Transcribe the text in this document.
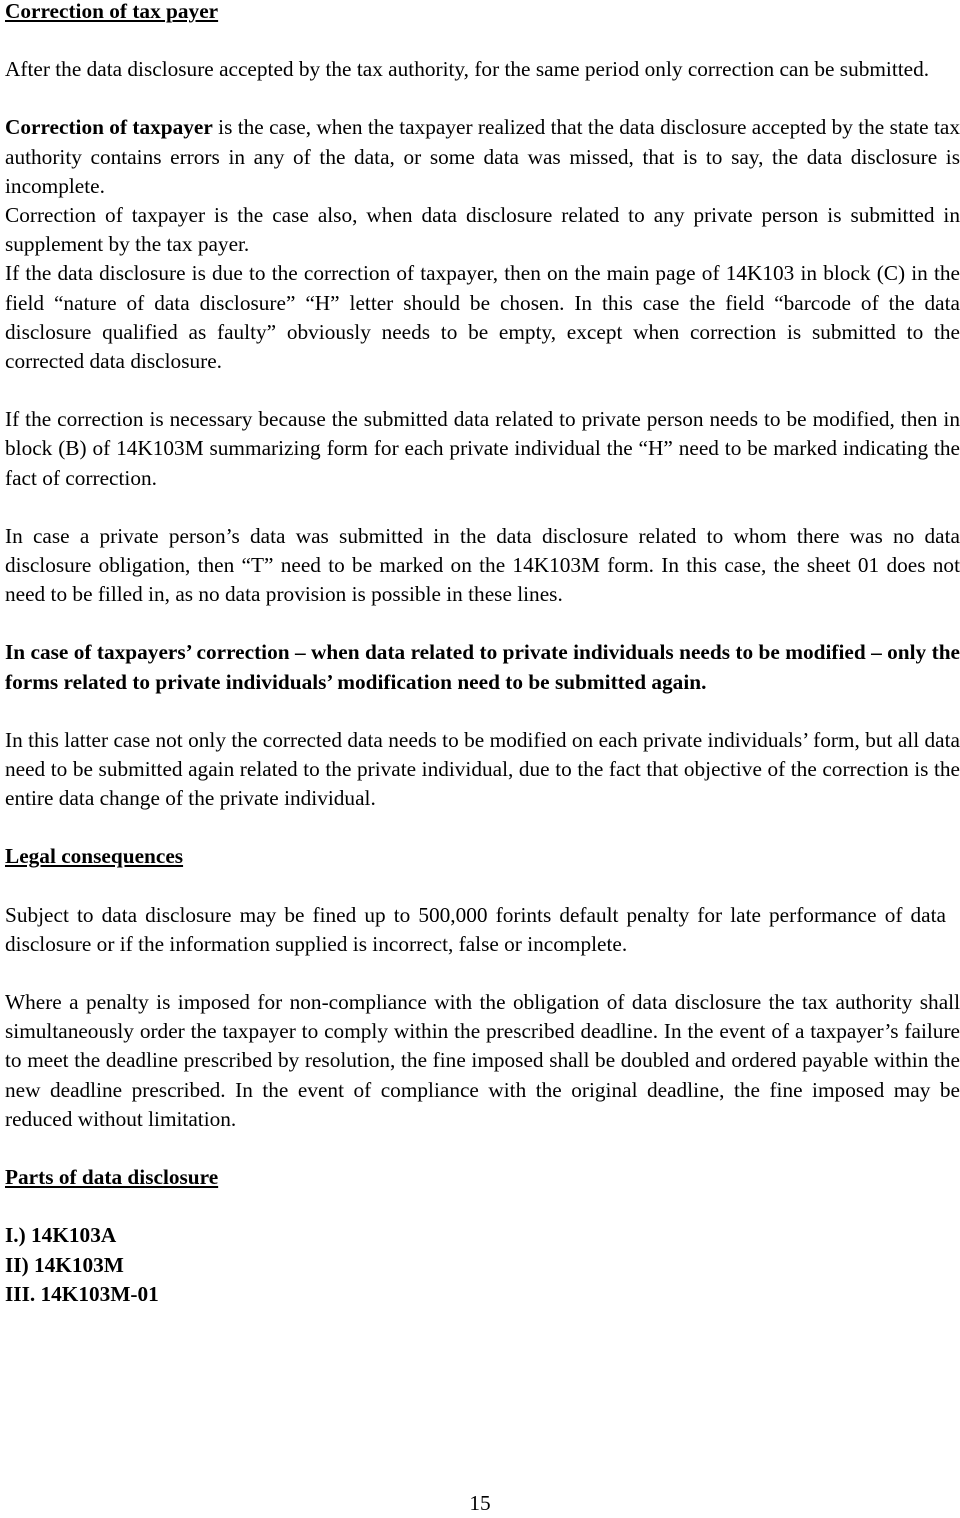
Correction of tax payer

After the data disclosure accepted by the tax authority, for the same period only correction can be submitted.

Correction of taxpayer is the case, when the taxpayer realized that the data disclosure accepted by the state tax authority contains errors in any of the data, or some data was missed, that is to say, the data disclosure is incomplete.

Correction of taxpayer is the case also, when data disclosure related to any private person is submitted in supplement by the tax payer.

If the data disclosure is due to the correction of taxpayer, then on the main page of 14K103 in block (C) in the field “nature of data disclosure” “H” letter should be chosen. In this case the field “barcode of the data disclosure qualified as faulty” obviously needs to be empty, except when correction is submitted to the corrected data disclosure.

If the correction is necessary because the submitted data related to private person needs to be modified, then in block (B) of 14K103M summarizing form for each private individual the “H” need to be marked indicating the fact of correction.

In case a private person’s data was submitted in the data disclosure related to whom there was no data disclosure obligation, then “T” need to be marked on the 14K103M form. In this case, the sheet 01 does not need to be filled in, as no data provision is possible in these lines.

In case of taxpayers’ correction – when data related to private individuals needs to be modified – only the forms related to private individuals’ modification need to be submitted again.

In this latter case not only the corrected data needs to be modified on each private individuals’ form, but all data need to be submitted again related to the private individual, due to the fact that objective of the correction is the entire data change of the private individual.

Legal consequences

Subject to data disclosure may be fined up to 500,000 forints default penalty for late performance of data disclosure or if the information supplied is incorrect, false or incomplete.

Where a penalty is imposed for non-compliance with the obligation of data disclosure the tax authority shall simultaneously order the taxpayer to comply within the prescribed deadline. In the event of a taxpayer’s failure to meet the deadline prescribed by resolution, the fine imposed shall be doubled and ordered payable within the new deadline prescribed. In the event of compliance with the original deadline, the fine imposed may be reduced without limitation.

Parts of data disclosure

I.) 14K103A

II) 14K103M

III. 14K103M-01

15
